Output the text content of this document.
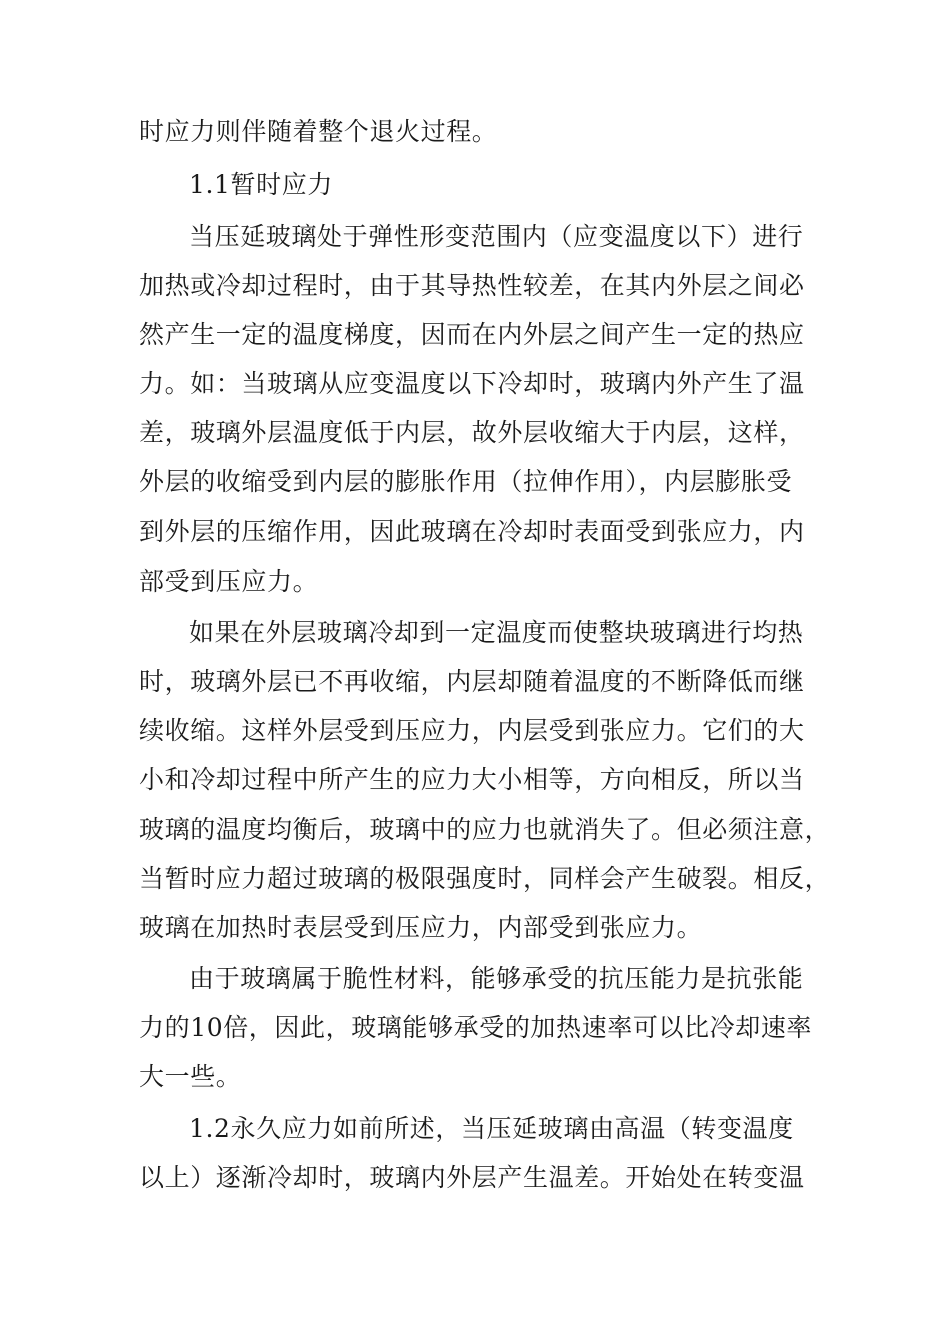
时应力则伴随着整个退火过程。
1.1暂时应力
当压延玻璃处于弹性形变范围内（应变温度以下）进行
加热或冷却过程时，由于其导热性较差，在其内外层之间必
然产生一定的温度梯度，因而在内外层之间产生一定的热应
力。如：当玻璃从应变温度以下冷却时，玻璃内外产生了温
差，玻璃外层温度低于内层，故外层收缩大于内层，这样，
外层的收缩受到内层的膨胀作用（拉伸作用），内层膨胀受
到外层的压缩作用，因此玻璃在冷却时表面受到张应力，内
部受到压应力。
如果在外层玻璃冷却到一定温度而使整块玻璃进行均热
时，玻璃外层已不再收缩，内层却随着温度的不断降低而继
续收缩。这样外层受到压应力，内层受到张应力。它们的大
小和冷却过程中所产生的应力大小相等，方向相反，所以当
玻璃的温度均衡后，玻璃中的应力也就消失了。但必须注意，
当暂时应力超过玻璃的极限强度时，同样会产生破裂。相反，
玻璃在加热时表层受到压应力，内部受到张应力。
由于玻璃属于脆性材料，能够承受的抗压能力是抗张能
力的10倍，因此，玻璃能够承受的加热速率可以比冷却速率
大一些。
1.2永久应力如前所述，当压延玻璃由高温（转变温度
以上）逐渐冷却时，玻璃内外层产生温差。开始处在转变温
